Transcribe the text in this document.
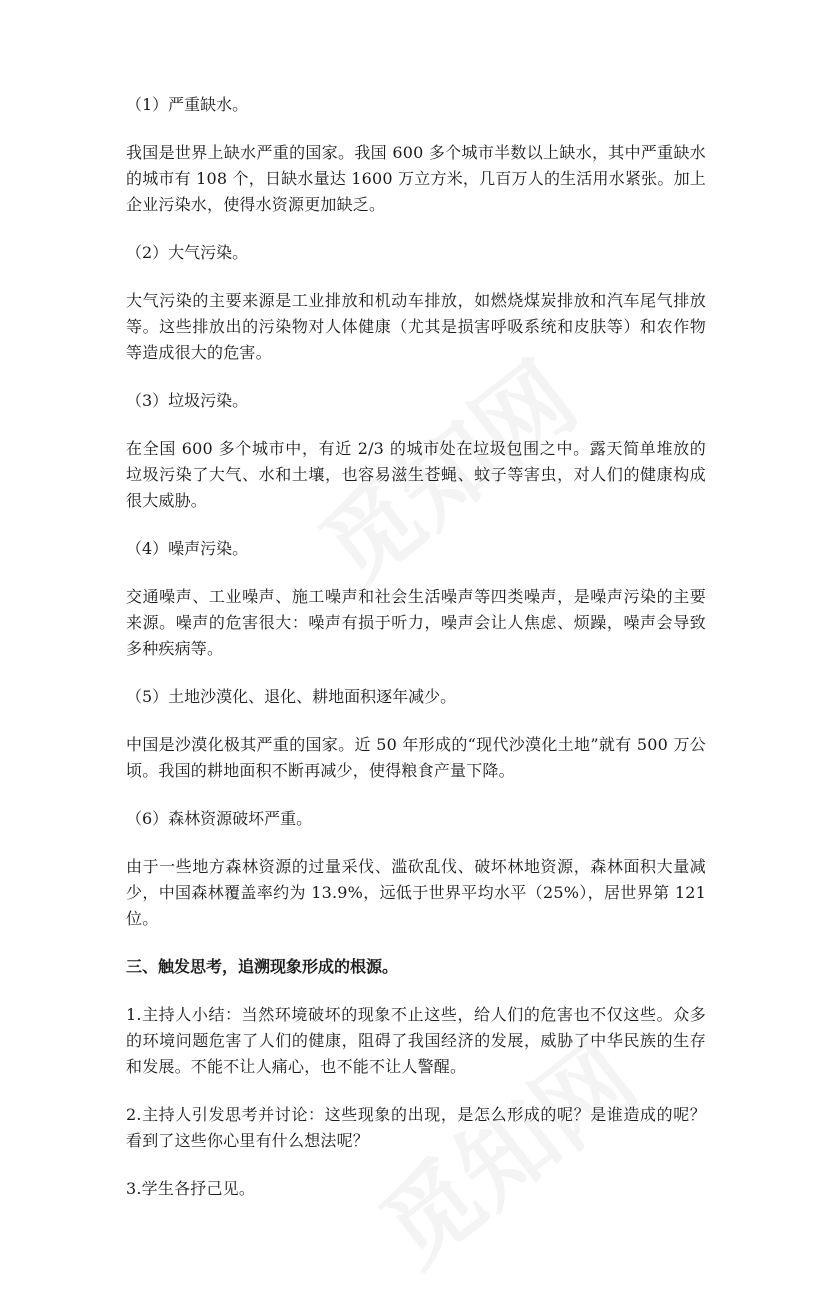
（1）严重缺水。
我国是世界上缺水严重的国家。我国 600 多个城市半数以上缺水，其中严重缺水的城市有 108 个，日缺水量达 1600 万立方米，几百万人的生活用水紧张。加上企业污染水，使得水资源更加缺乏。
（2）大气污染。
大气污染的主要来源是工业排放和机动车排放，如燃烧煤炭排放和汽车尾气排放等。这些排放出的污染物对人体健康（尤其是损害呼吸系统和皮肤等）和农作物等造成很大的危害。
（3）垃圾污染。
在全国 600 多个城市中，有近 2/3 的城市处在垃圾包围之中。露天简单堆放的垃圾污染了大气、水和土壤，也容易滋生苍蝇、蚊子等害虫，对人们的健康构成很大威胁。
（4）噪声污染。
交通噪声、工业噪声、施工噪声和社会生活噪声等四类噪声，是噪声污染的主要来源。噪声的危害很大：噪声有损于听力，噪声会让人焦虑、烦躁，噪声会导致多种疾病等。
（5）土地沙漠化、退化、耕地面积逐年减少。
中国是沙漠化极其严重的国家。近 50 年形成的“现代沙漠化土地”就有 500 万公顷。我国的耕地面积不断再减少，使得粮食产量下降。
（6）森林资源破坏严重。
由于一些地方森林资源的过量采伐、滥砍乱伐、破坏林地资源，森林面积大量减少，中国森林覆盖率约为 13.9%，远低于世界平均水平（25%），居世界第 121 位。
三、触发思考，追溯现象形成的根源。
1.主持人小结：当然环境破坏的现象不止这些，给人们的危害也不仅这些。众多的环境问题危害了人们的健康，阻碍了我国经济的发展，威胁了中华民族的生存和发展。不能不让人痛心，也不能不让人警醒。
2.主持人引发思考并讨论：这些现象的出现，是怎么形成的呢？是谁造成的呢？看到了这些你心里有什么想法呢？
3.学生各抒己见。
